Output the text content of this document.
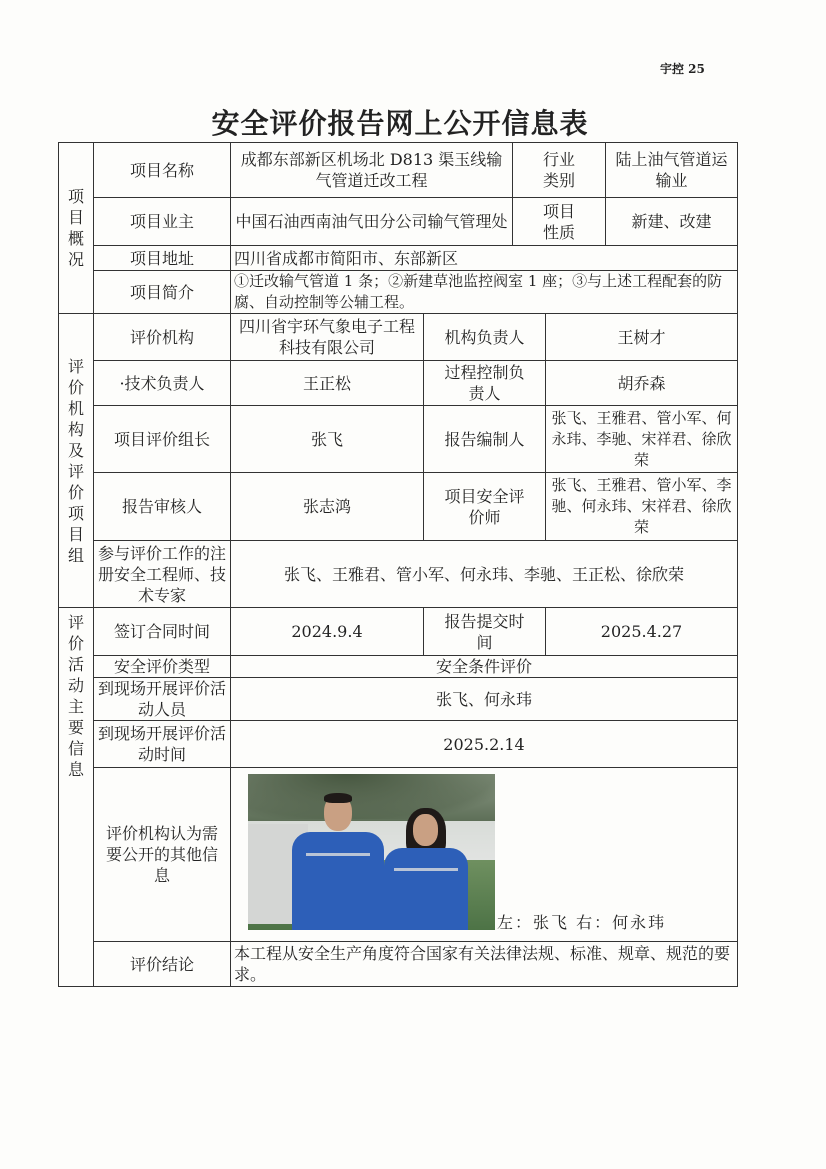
宇控 25
安全评价报告网上公开信息表
项目概况	项目名称	成都东部新区机场北 D813 渠玉线输气管道迁改工程		行业类别		陆上油气管道运输业
	项目业主	中国石油西南油气田分公司输气管理处		项目性质		新建、改建
	项目地址	四川省成都市简阳市、东部新区				
	项目简介	①迁改输气管道 1 条；②新建草池监控阀室 1 座；③与上述工程配套的防腐、自动控制等公辅工程。				
评价机构及评价项目组	评价机构	四川省宇环气象电子工程科技有限公司	机构负责人		王树才	
	·技术负责人	王正松	过程控制负责人		胡乔森	
	项目评价组长	张飞	报告编制人		张飞、王雅君、管小军、何永玮、李驰、宋祥君、徐欣荣	
	报告审核人	张志鸿	项目安全评价师		张飞、王雅君、管小军、李驰、何永玮、宋祥君、徐欣荣	
	参与评价工作的注册安全工程师、技术专家	张飞、王雅君、管小军、何永玮、李驰、王正松、徐欣荣				
评价活动主要信息	签订合同时间	2024.9.4	报告提交时间		2025.4.27	
	安全评价类型	安全条件评价				
	到现场开展评价活动人员	张飞、何永玮				
	到现场开展评价活动时间	2025.2.14				
	评价机构认为需要公开的其他信息	左：张飞 右：何永玮				

	评价结论	本工程从安全生产角度符合国家有关法律法规、标准、规章、规范的要求。				
